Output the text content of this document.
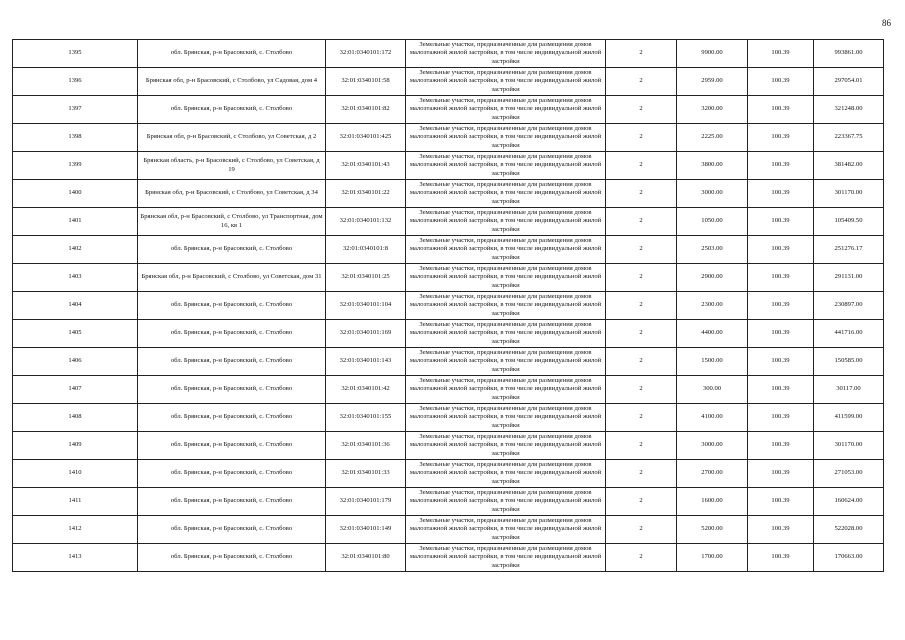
86
1395	обл. Брянская, р-н Брасовский, с. Столбово	32:01:0340101:172	Земельные участки, предназначенные для размещения домов малоэтажной жилой застройки, в том числе индивидуальной жилой застройки	2	9900.00	100.39	993861.00
1396	Брянская обл, р-н Брасовский, с Столбово, ул Садовая, дом 4	32:01:0340101:58	Земельные участки, предназначенные для размещения домов малоэтажной жилой застройки, в том числе индивидуальной жилой застройки	2	2959.00	100.39	297054.01
1397	обл. Брянская, р-н Брасовский, с. Столбово	32:01:0340101:82	Земельные участки, предназначенные для размещения домов малоэтажной жилой застройки, в том числе индивидуальной жилой застройки	2	3200.00	100.39	321248.00
1398	Брянская обл, р-н Брасовский, с Столбово, ул Советская, д 2	32:01:0340101:425	Земельные участки, предназначенные для размещения домов малоэтажной жилой застройки, в том числе индивидуальной жилой застройки	2	2225.00	100.39	223367.75
1399	Брянская область, р-н Брасовский, с Столбово, ул Советская, д 19	32:01:0340101:43	Земельные участки, предназначенные для размещения домов малоэтажной жилой застройки, в том числе индивидуальной жилой застройки	2	3800.00	100.39	381482.00
1400	Брянская обл, р-н Брасовский, с Столбово, ул Советская, д 34	32:01:0340101:22	Земельные участки, предназначенные для размещения домов малоэтажной жилой застройки, в том числе индивидуальной жилой застройки	2	3000.00	100.39	301170.00
1401	Брянская обл, р-н Брасовский, с Столбово, ул Транспортная, дом 16, кв 1	32:01:0340101:132	Земельные участки, предназначенные для размещения домов малоэтажной жилой застройки, в том числе индивидуальной жилой застройки	2	1050.00	100.39	105409.50
1402	обл. Брянская, р-н Брасовский, с. Столбово	32:01:0340101:8	Земельные участки, предназначенные для размещения домов малоэтажной жилой застройки, в том числе индивидуальной жилой застройки	2	2503.00	100.39	251276.17
1403	Брянская обл, р-н Брасовский, с Столбово, ул Советская, дом 31	32:01:0340101:25	Земельные участки, предназначенные для размещения домов малоэтажной жилой застройки, в том числе индивидуальной жилой застройки	2	2900.00	100.39	291131.00
1404	обл. Брянская, р-н Брасовский, с. Столбово	32:01:0340101:104	Земельные участки, предназначенные для размещения домов малоэтажной жилой застройки, в том числе индивидуальной жилой застройки	2	2300.00	100.39	230897.00
1405	обл. Брянская, р-н Брасовский, с. Столбово	32:01:0340101:169	Земельные участки, предназначенные для размещения домов малоэтажной жилой застройки, в том числе индивидуальной жилой застройки	2	4400.00	100.39	441716.00
1406	обл. Брянская, р-н Брасовский, с. Столбово	32:01:0340101:143	Земельные участки, предназначенные для размещения домов малоэтажной жилой застройки, в том числе индивидуальной жилой застройки	2	1500.00	100.39	150585.00
1407	обл. Брянская, р-н Брасовский, с. Столбово	32:01:0340101:42	Земельные участки, предназначенные для размещения домов малоэтажной жилой застройки, в том числе индивидуальной жилой застройки	2	300.00	100.39	30117.00
1408	обл. Брянская, р-н Брасовский, с. Столбово	32:01:0340101:155	Земельные участки, предназначенные для размещения домов малоэтажной жилой застройки, в том числе индивидуальной жилой застройки	2	4100.00	100.39	411599.00
1409	обл. Брянская, р-н Брасовский, с. Столбово	32:01:0340101:36	Земельные участки, предназначенные для размещения домов малоэтажной жилой застройки, в том числе индивидуальной жилой застройки	2	3000.00	100.39	301170.00
1410	обл. Брянская, р-н Брасовский, с. Столбово	32:01:0340101:33	Земельные участки, предназначенные для размещения домов малоэтажной жилой застройки, в том числе индивидуальной жилой застройки	2	2700.00	100.39	271053.00
1411	обл. Брянская, р-н Брасовский, с. Столбово	32:01:0340101:179	Земельные участки, предназначенные для размещения домов малоэтажной жилой застройки, в том числе индивидуальной жилой застройки	2	1600.00	100.39	160624.00
1412	обл. Брянская, р-н Брасовский, с. Столбово	32:01:0340101:149	Земельные участки, предназначенные для размещения домов малоэтажной жилой застройки, в том числе индивидуальной жилой застройки	2	5200.00	100.39	522028.00
1413	обл. Брянская, р-н Брасовский, с. Столбово	32:01:0340101:80	Земельные участки, предназначенные для размещения домов малоэтажной жилой застройки, в том числе индивидуальной жилой застройки	2	1700.00	100.39	170663.00
